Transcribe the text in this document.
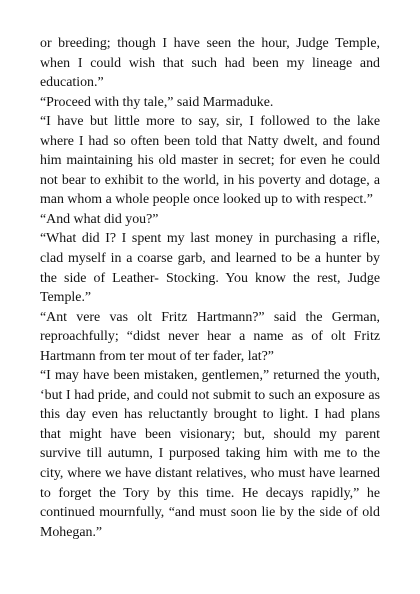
or breeding; though I have seen the hour, Judge Temple, when I could wish that such had been my lineage and education.”

“Proceed with thy tale,” said Marmaduke.

“I have but little more to say, sir, I followed to the lake where I had so often been told that Natty dwelt, and found him maintaining his old master in secret; for even he could not bear to exhibit to the world, in his poverty and dotage, a man whom a whole people once looked up to with respect.”

“And what did you?”

“What did I? I spent my last money in purchasing a rifle, clad myself in a coarse garb, and learned to be a hunter by the side of Leather- Stocking. You know the rest, Judge Temple.”

“Ant vere vas olt Fritz Hartmann?” said the German, reproachfully; “didst never hear a name as of olt Fritz Hartmann from ter mout of ter fader, lat?”

“I may have been mistaken, gentlemen,” returned the youth, ‘but I had pride, and could not submit to such an exposure as this day even has reluctantly brought to light. I had plans that might have been visionary; but, should my parent survive till autumn, I purposed taking him with me to the city, where we have distant relatives, who must have learned to forget the Tory by this time. He decays rapidly,” he continued mournfully, “and must soon lie by the side of old Mohegan.”
